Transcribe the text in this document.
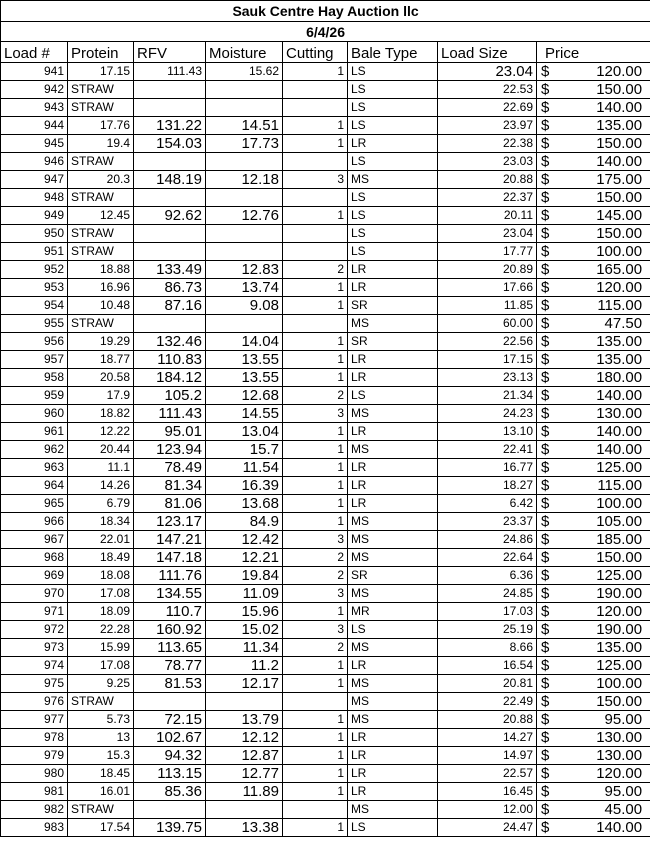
Sauk Centre Hay Auction llc							
6/4/26							
Load #	Protein	RFV	Moisture	Cutting	Bale Type	Load Size	Price
941	17.15	111.43	15.62	1	LS	23.04	$ 120.00

942	STRAW				LS	22.53	$ 150.00

943	STRAW				LS	22.69	$ 140.00

944	17.76	131.22	14.51	1	LS	23.97	$ 135.00

945	19.4	154.03	17.73	1	LR	22.38	$ 150.00

946	STRAW				LS	23.03	$ 140.00

947	20.3	148.19	12.18	3	MS	20.88	$ 175.00

948	STRAW				LS	22.37	$ 150.00

949	12.45	92.62	12.76	1	LS	20.11	$ 145.00

950	STRAW				LS	23.04	$ 150.00

951	STRAW				LS	17.77	$ 100.00

952	18.88	133.49	12.83	2	LR	20.89	$ 165.00

953	16.96	86.73	13.74	1	LR	17.66	$ 120.00

954	10.48	87.16	9.08	1	SR	11.85	$ 115.00

955	STRAW				MS	60.00	$ 47.50

956	19.29	132.46	14.04	1	SR	22.56	$ 135.00

957	18.77	110.83	13.55	1	LR	17.15	$ 135.00

958	20.58	184.12	13.55	1	LR	23.13	$ 180.00

959	17.9	105.2	12.68	2	LS	21.34	$ 140.00

960	18.82	111.43	14.55	3	MS	24.23	$ 130.00

961	12.22	95.01	13.04	1	LR	13.10	$ 140.00

962	20.44	123.94	15.7	1	MS	22.41	$ 140.00

963	11.1	78.49	11.54	1	LR	16.77	$ 125.00

964	14.26	81.34	16.39	1	LR	18.27	$ 115.00

965	6.79	81.06	13.68	1	LR	6.42	$ 100.00

966	18.34	123.17	84.9	1	MS	23.37	$ 105.00

967	22.01	147.21	12.42	3	MS	24.86	$ 185.00

968	18.49	147.18	12.21	2	MS	22.64	$ 150.00

969	18.08	111.76	19.84	2	SR	6.36	$ 125.00

970	17.08	134.55	11.09	3	MS	24.85	$ 190.00

971	18.09	110.7	15.96	1	MR	17.03	$ 120.00

972	22.28	160.92	15.02	3	LS	25.19	$ 190.00

973	15.99	113.65	11.34	2	MS	8.66	$ 135.00

974	17.08	78.77	11.2	1	LR	16.54	$ 125.00

975	9.25	81.53	12.17	1	MS	20.81	$ 100.00

976	STRAW				MS	22.49	$ 150.00

977	5.73	72.15	13.79	1	MS	20.88	$ 95.00

978	13	102.67	12.12	1	LR	14.27	$ 130.00

979	15.3	94.32	12.87	1	LR	14.97	$ 130.00

980	18.45	113.15	12.77	1	LR	22.57	$ 120.00

981	16.01	85.36	11.89	1	LR	16.45	$ 95.00

982	STRAW				MS	12.00	$ 45.00

983	17.54	139.75	13.38	1	LS	24.47	$ 140.00
